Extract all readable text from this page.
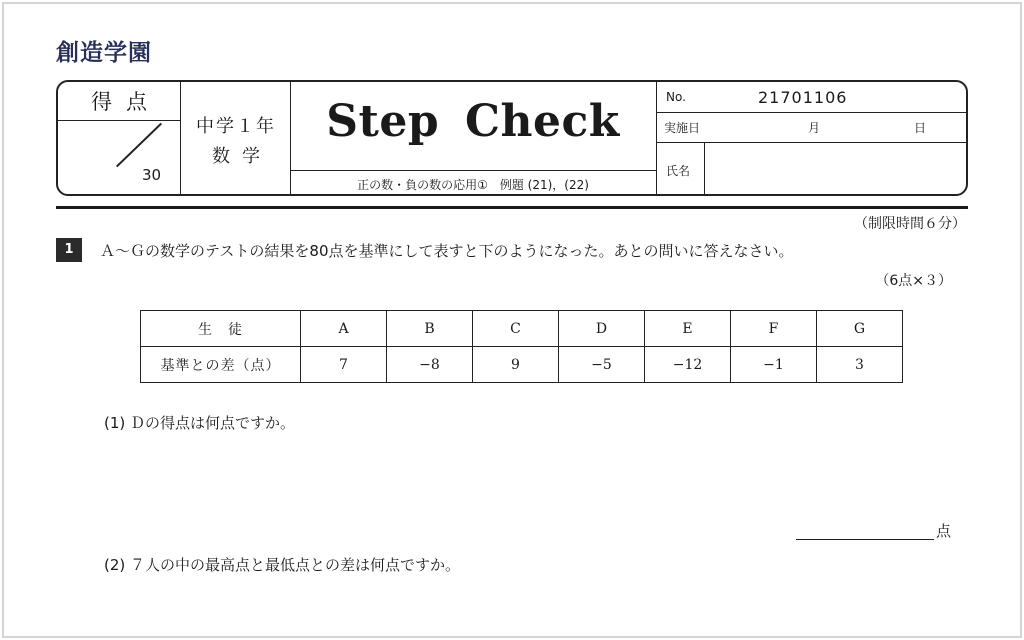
創造学園
得点
30
中学１年
数学
Step Check
正の数・負の数の応用①　例題 (21)，(22)
No.	21701106
実施日	月	日
氏名
（制限時間６分）
1	Ａ～Ｇの数学のテストの結果を80点を基準にして表すと下のようになった。あとの問いに答えなさい。
（6点×３）
生　徒	A	B	C	D	E	F	G
基準との差（点）	7	−8	9	−5	−12	−1	3
(1) Ｄの得点は何点ですか。
点
(2) ７人の中の最高点と最低点との差は何点ですか。
